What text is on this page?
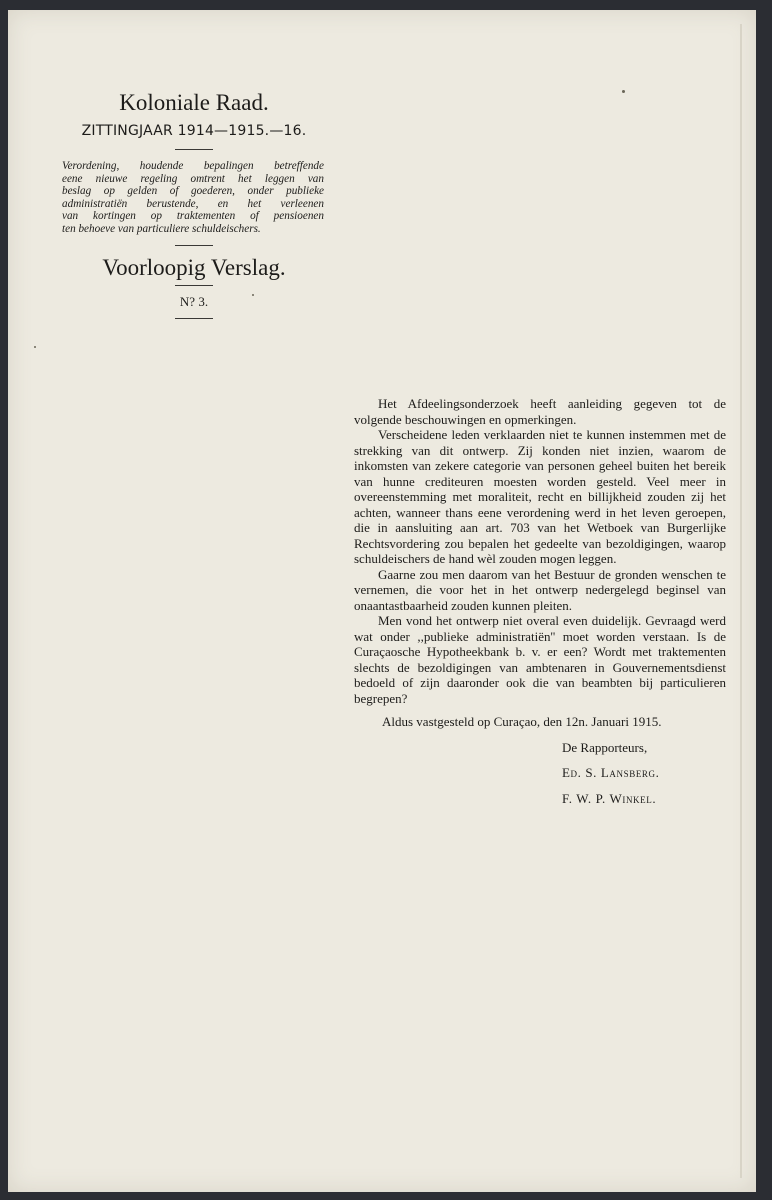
Koloniale Raad.
ZITTINGJAAR 1914—1915.—16.
Verordening, houdende bepalingen betreffende
eene nieuwe regeling omtrent het leggen van
beslag op gelden of goederen, onder publieke
administratiën berustende, en het verleenen
van kortingen op traktementen of pensioenen
ten behoeve van particuliere schuldeischers.
Voorloopig Verslag.
N? 3.

Het Afdeelingsonderzoek heeft aanleiding gegeven tot de volgende beschouwingen en opmerkingen.

Verscheidene leden verklaarden niet te kunnen instemmen met de strekking van dit ontwerp. Zij konden niet inzien, waarom de inkomsten van zekere categorie van personen geheel buiten het bereik van hunne crediteuren moesten worden gesteld. Veel meer in overeenstemming met moraliteit, recht en billijkheid zouden zij het achten, wanneer thans eene verordening werd in het leven geroepen, die in aansluiting aan art. 703 van het Wetboek van Burgerlijke Rechtsvordering zou bepalen het gedeelte van bezoldigingen, waarop schuldeischers de hand wèl zouden mogen leggen.

Gaarne zou men daarom van het Bestuur de gronden wenschen te vernemen, die voor het in het ontwerp nedergelegd beginsel van onaantastbaarheid zouden kunnen pleiten.

Men vond het ontwerp niet overal even duidelijk. Gevraagd werd wat onder ,,publieke administratiën'' moet worden verstaan. Is de Curaçaosche Hypotheekbank b. v. er een? Wordt met traktementen slechts de bezoldigingen van ambtenaren in Gouvernementsdienst bedoeld of zijn daaronder ook die van beambten bij particulieren begrepen?

Aldus vastgesteld op Curaçao, den 12n. Januari 1915.

De Rapporteurs,
Ed. S. Lansberg.
F. W. P. Winkel.
